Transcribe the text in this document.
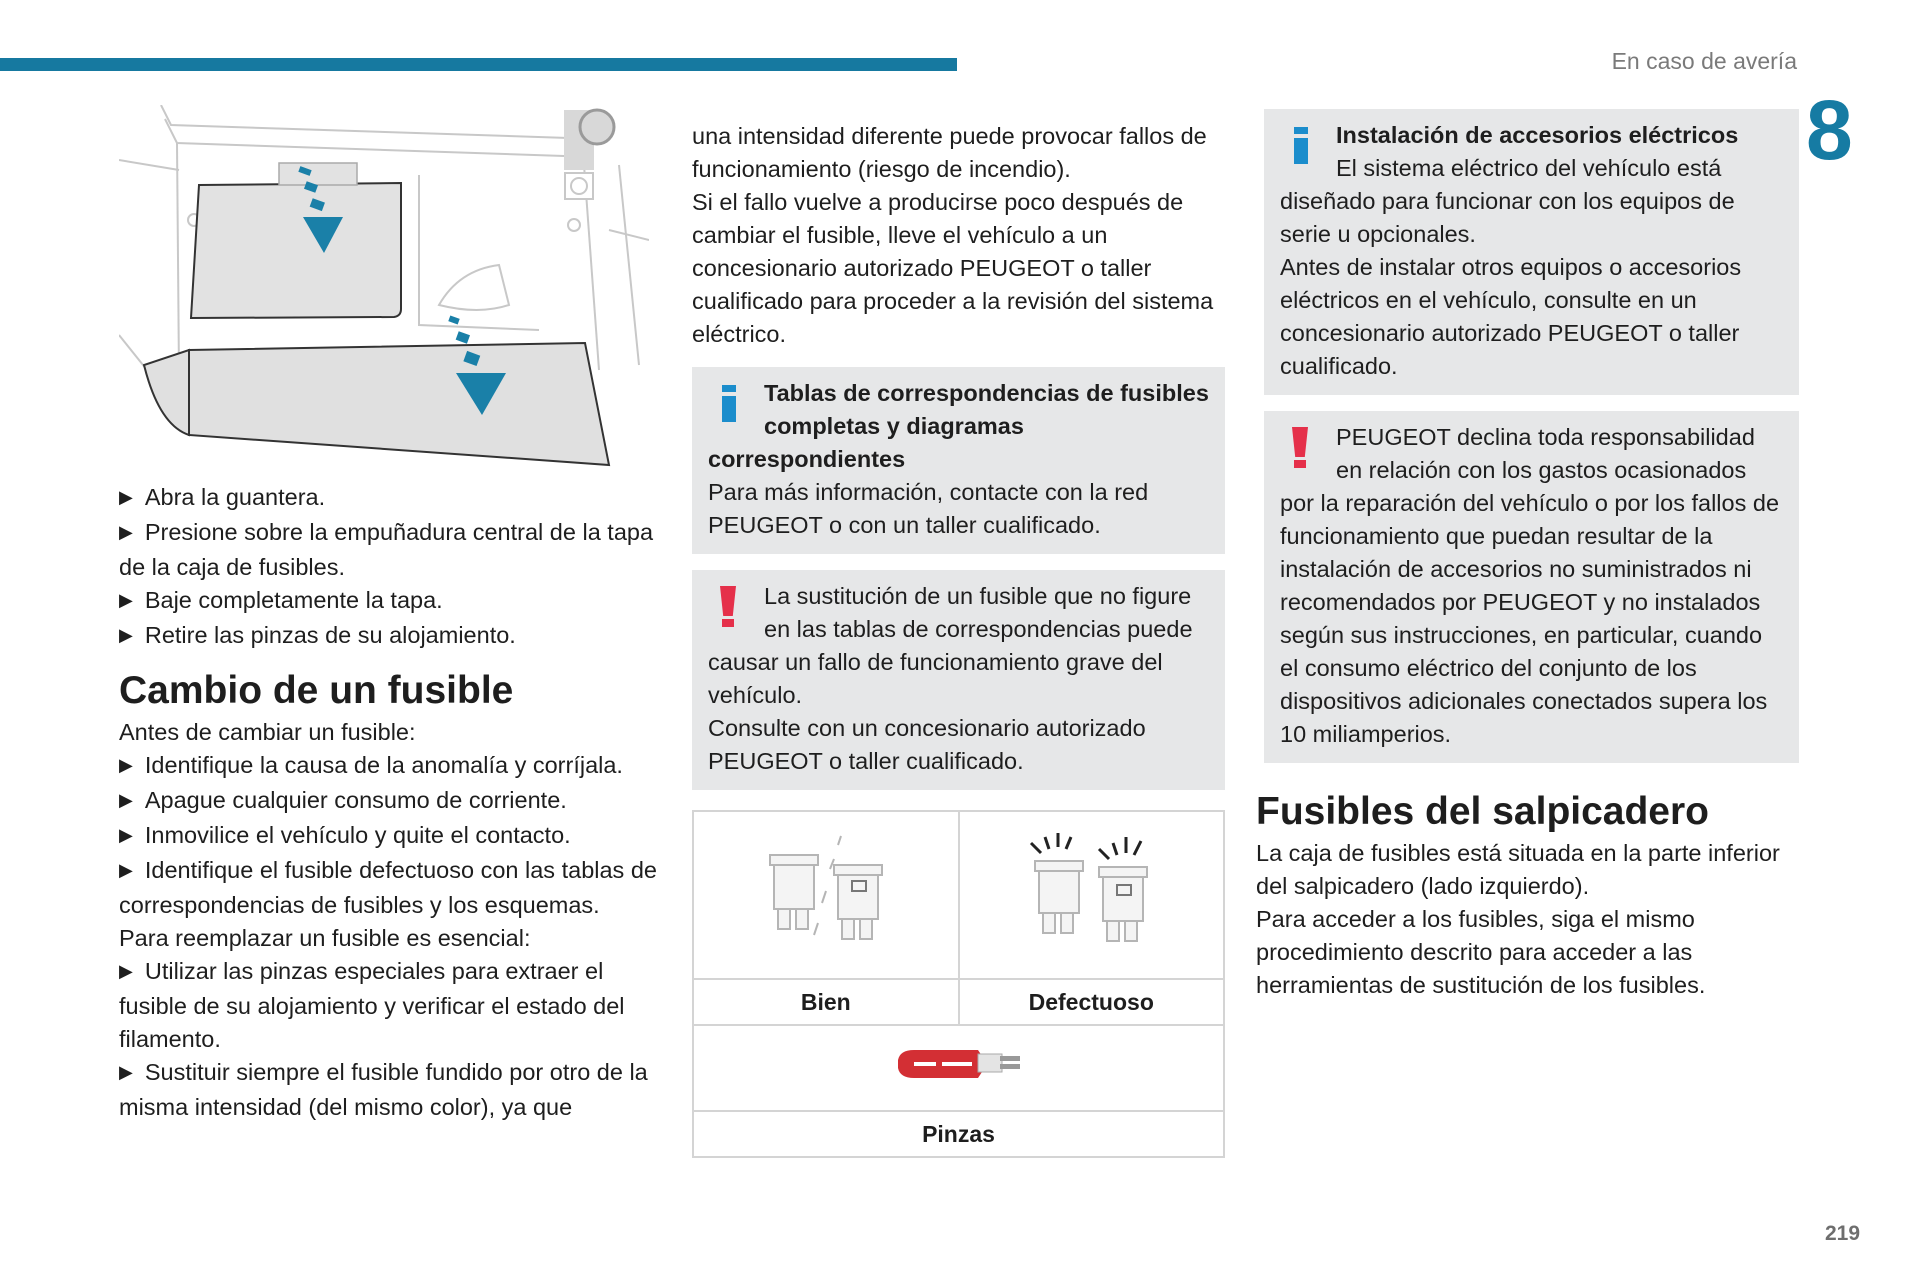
En caso de avería
8

▶ Abra la guantera.

▶ Presione sobre la empuñadura central de la tapa de la caja de fusibles.

▶ Baje completamente la tapa.

▶ Retire las pinzas de su alojamiento.

Cambio de un fusible

Antes de cambiar un fusible:

▶ Identifique la causa de la anomalía y corríjala.

▶ Apague cualquier consumo de corriente.

▶ Inmovilice el vehículo y quite el contacto.

▶ Identifique el fusible defectuoso con las tablas de correspondencias de fusibles y los esquemas.

Para reemplazar un fusible es esencial:

▶ Utilizar las pinzas especiales para extraer el fusible de su alojamiento y verificar el estado del filamento.

▶ Sustituir siempre el fusible fundido por otro de la misma intensidad (del mismo color), ya que

una intensidad diferente puede provocar fallos de funcionamiento (riesgo de incendio).

Si el fallo vuelve a producirse poco después de cambiar el fusible, lleve el vehículo a un concesionario autorizado PEUGEOT o taller cualificado para proceder a la revisión del sistema eléctrico.

Tablas de correspondencias de fusibles completas y diagramas correspondientes

Para más información, contacte con la red PEUGEOT o con un taller cualificado.

La sustitución de un fusible que no figure en las tablas de correspondencias puede causar un fallo de funcionamiento grave del vehículo.

Consulte con un concesionario autorizado PEUGEOT o taller cualificado.

Bien	Defectuoso

Pinzas	

Instalación de accesorios eléctricos

El sistema eléctrico del vehículo está diseñado para funcionar con los equipos de serie u opcionales.

Antes de instalar otros equipos o accesorios eléctricos en el vehículo, consulte en un concesionario autorizado PEUGEOT o taller cualificado.

PEUGEOT declina toda responsabilidad en relación con los gastos ocasionados por la reparación del vehículo o por los fallos de funcionamiento que puedan resultar de la instalación de accesorios no suministrados ni recomendados por PEUGEOT y no instalados según sus instrucciones, en particular, cuando el consumo eléctrico del conjunto de los dispositivos adicionales conectados supera los 10 miliamperios.

Fusibles del salpicadero

La caja de fusibles está situada en la parte inferior del salpicadero (lado izquierdo).

Para acceder a los fusibles, siga el mismo procedimiento descrito para acceder a las herramientas de sustitución de los fusibles.

219
